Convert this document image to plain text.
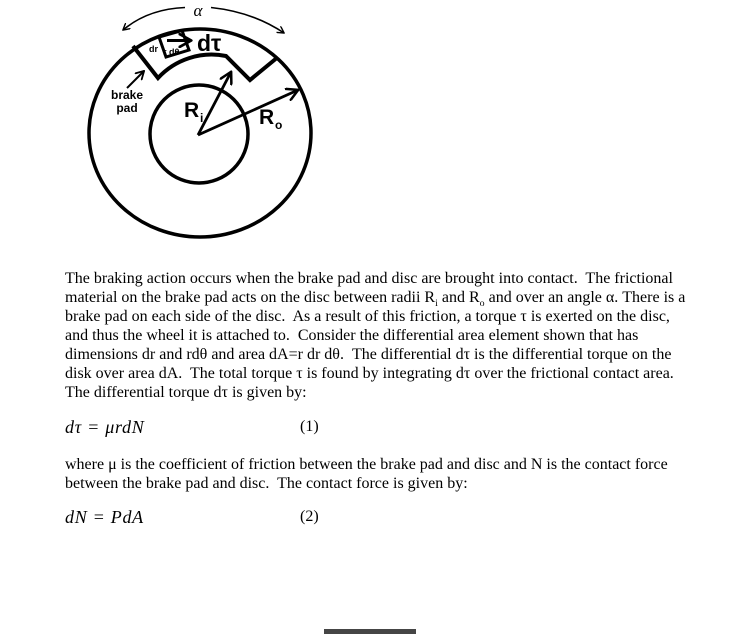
α
dτ
dr r dθ
brake
pad R i	R o
The braking action occurs when the brake pad and disc are brought into contact.  The frictional
material on the brake pad acts on the disc between radii $R_i$ and $R_o$ and over an angle α. There is a
brake pad on each side of the disc.  As a result of this friction, a torque τ is exerted on the disc,
and thus the wheel it is attached to.  Consider the differential area element shown that has
dimensions dr and rdθ and area dA=r dr dθ.  The differential dτ is the differential torque on the
disk over area dA.  The total torque τ is found by integrating dτ over the frictional contact area.
The differential torque dτ is given by:
dτ = μrdN	(1)
where μ is the coefficient of friction between the brake pad and disc and N is the contact force
between the brake pad and disc.  The contact force is given by:
dN = PdA	(2)
